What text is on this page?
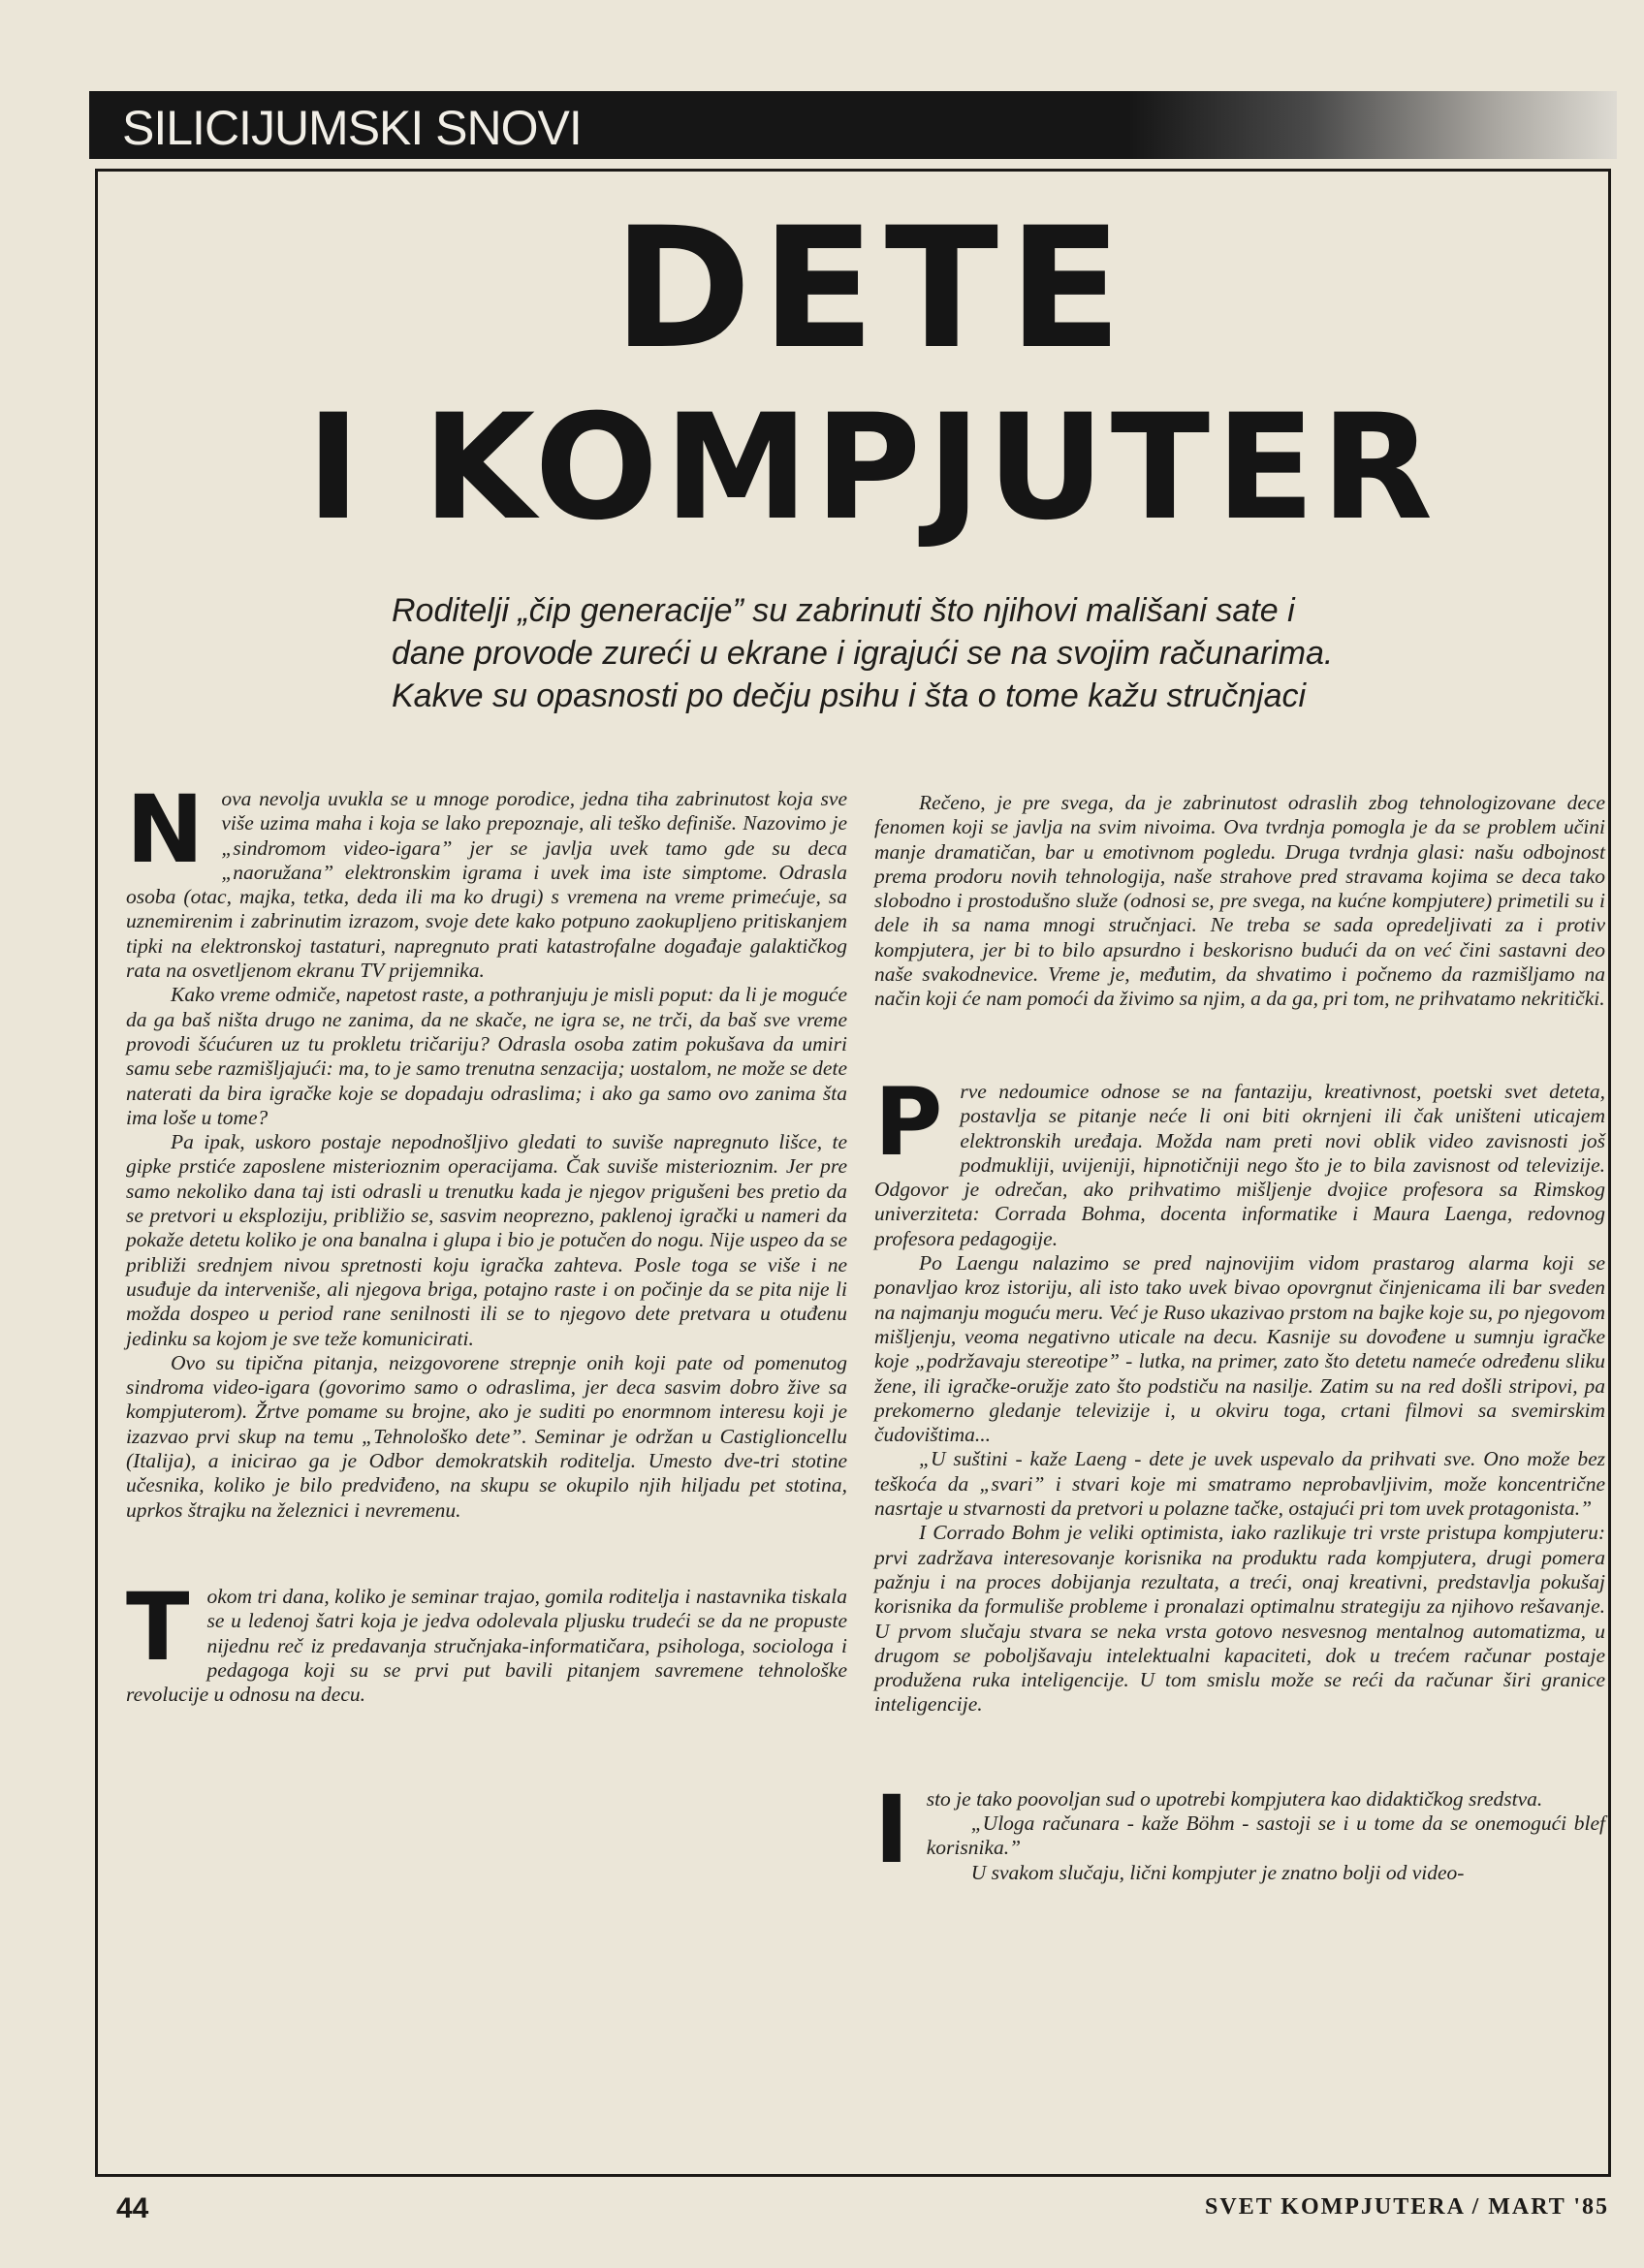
SILICIJUMSKI SNOVI
DETE
I KOMPJUTER
Roditelji „čip generacije” su zabrinuti što njihovi mališani sate i dane provode zureći u ekrane i igrajući se na svojim računarima. Kakve su opasnosti po dečju psihu i šta o tome kažu stručnjaci
N ova nevolja uvukla se u mnoge porodice, jedna tiha zabrinutost koja sve više uzima maha i koja se lako prepoznaje, ali teško definiše. Nazovimo je „sindromom video-igara” jer se javlja uvek tamo gde su deca „naoružana” elektronskim igrama i uvek ima iste simptome. Odrasla osoba (otac, majka, tetka, deda ili ma ko drugi) s vremena na vreme primećuje, sa uznemirenim i zabrinutim izrazom, svoje dete kako potpuno zaokupljeno pritiskanjem tipki na elektronskoj tastaturi, napregnuto prati katastrofalne događaje galaktičkog rata na osvetljenom ekranu TV prijemnika.

Kako vreme odmiče, napetost raste, a pothranjuju je misli poput: da li je moguće da ga baš ništa drugo ne zanima, da ne skače, ne igra se, ne trči, da baš sve vreme provodi šćućuren uz tu prokletu tričariju? Odrasla osoba zatim pokušava da umiri samu sebe razmišljajući: ma, to je samo trenutna senzacija; uostalom, ne može se dete naterati da bira igračke koje se dopadaju odraslima; i ako ga samo ovo zanima šta ima loše u tome?

Pa ipak, uskoro postaje nepodnošljivo gledati to suviše napregnuto lišce, te gipke prstiće zaposlene misterioznim operacijama. Čak suviše misterioznim. Jer pre samo nekoliko dana taj isti odrasli u trenutku kada je njegov prigušeni bes pretio da se pretvori u eksploziju, približio se, sasvim neoprezno, paklenoj igrački u nameri da pokaže detetu koliko je ona banalna i glupa i bio je potučen do nogu. Nije uspeo da se približi srednjem nivou spretnosti koju igračka zahteva. Posle toga se više i ne usuđuje da interveniše, ali njegova briga, potajno raste i on počinje da se pita nije li možda dospeo u period rane senilnosti ili se to njegovo dete pretvara u otuđenu jedinku sa kojom je sve teže komunicirati.

Ovo su tipična pitanja, neizgovorene strepnje onih koji pate od pomenutog sindroma video-igara (govorimo samo o odraslima, jer deca sasvim dobro žive sa kompjuterom). Žrtve pomame su brojne, ako je suditi po enormnom interesu koji je izazvao prvi skup na temu „Tehnološko dete”. Seminar je održan u Castiglioncellu (Italija), a inicirao ga je Odbor demokratskih roditelja. Umesto dve-tri stotine učesnika, koliko je bilo predviđeno, na skupu se okupilo njih hiljadu pet stotina, uprkos štrajku na železnici i nevremenu.

T okom tri dana, koliko je seminar trajao, gomila roditelja i nastavnika tiskala se u ledenoj šatri koja je jedva odolevala pljusku trudeći se da ne propuste nijednu reč iz predavanja stručnjaka-informatičara, psihologa, sociologa i pedagoga koji su se prvi put bavili pitanjem savremene tehnološke revolucije u odnosu na decu.

Rečeno, je pre svega, da je zabrinutost odraslih zbog tehnologizovane dece fenomen koji se javlja na svim nivoima. Ova tvrdnja pomogla je da se problem učini manje dramatičan, bar u emotivnom pogledu. Druga tvrdnja glasi: našu odbojnost prema prodoru novih tehnologija, naše strahove pred stravama kojima se deca tako slobodno i prostodušno služe (odnosi se, pre svega, na kućne kompjutere) primetili su i dele ih sa nama mnogi stručnjaci. Ne treba se sada opredeljivati za i protiv kompjutera, jer bi to bilo apsurdno i beskorisno budući da on već čini sastavni deo naše svakodnevice. Vreme je, međutim, da shvatimo i počnemo da razmišljamo na način koji će nam pomoći da živimo sa njim, a da ga, pri tom, ne prihvatamo nekritički.

P rve nedoumice odnose se na fantaziju, kreativnost, poetski svet deteta, postavlja se pitanje neće li oni biti okrnjeni ili čak uništeni uticajem elektronskih uređaja. Možda nam preti novi oblik video zavisnosti još podmukliji, uvijeniji, hipnotičniji nego što je to bila zavisnost od televizije. Odgovor je odrečan, ako prihvatimo mišljenje dvojice profesora sa Rimskog univerziteta: Corrada Bohma, docenta informatike i Maura Laenga, redovnog profesora pedagogije.

Po Laengu nalazimo se pred najnovijim vidom prastarog alarma koji se ponavljao kroz istoriju, ali isto tako uvek bivao opovrgnut činjenicama ili bar sveden na najmanju moguću meru. Već je Ruso ukazivao prstom na bajke koje su, po njegovom mišljenju, veoma negativno uticale na decu. Kasnije su dovođene u sumnju igračke koje „podržavaju stereotipe” - lutka, na primer, zato što detetu nameće određenu sliku žene, ili igračke-oružje zato što podstiču na nasilje. Zatim su na red došli stripovi, pa prekomerno gledanje televizije i, u okviru toga, crtani filmovi sa svemirskim čudovištima...

„U suštini - kaže Laeng - dete je uvek uspevalo da prihvati sve. Ono može bez teškoća da „svari” i stvari koje mi smatramo neprobavljivim, može koncentrične nasrtaje u stvarnosti da pretvori u polazne tačke, ostajući pri tom uvek protagonista.”

I Corrado Bohm je veliki optimista, iako razlikuje tri vrste pristupa kompjuteru: prvi zadržava interesovanje korisnika na produktu rada kompjutera, drugi pomera pažnju i na proces dobijanja rezultata, a treći, onaj kreativni, predstavlja pokušaj korisnika da formuliše probleme i pronalazi optimalnu strategiju za njihovo rešavanje. U prvom slučaju stvara se neka vrsta gotovo nesvesnog mentalnog automatizma, u drugom se poboljšavaju intelektualni kapaciteti, dok u trećem računar postaje produžena ruka inteligencije. U tom smislu može se reći da računar širi granice inteligencije.

I sto je tako poovoljan sud o upotrebi kompjutera kao didaktičkog sredstva.

„Uloga računara - kaže Böhm - sastoji se i u tome da se onemogući blef korisnika.”

U svakom slučaju, lični kompjuter je znatno bolji od video-

44	SVET KOMPJUTERA / MART '85
